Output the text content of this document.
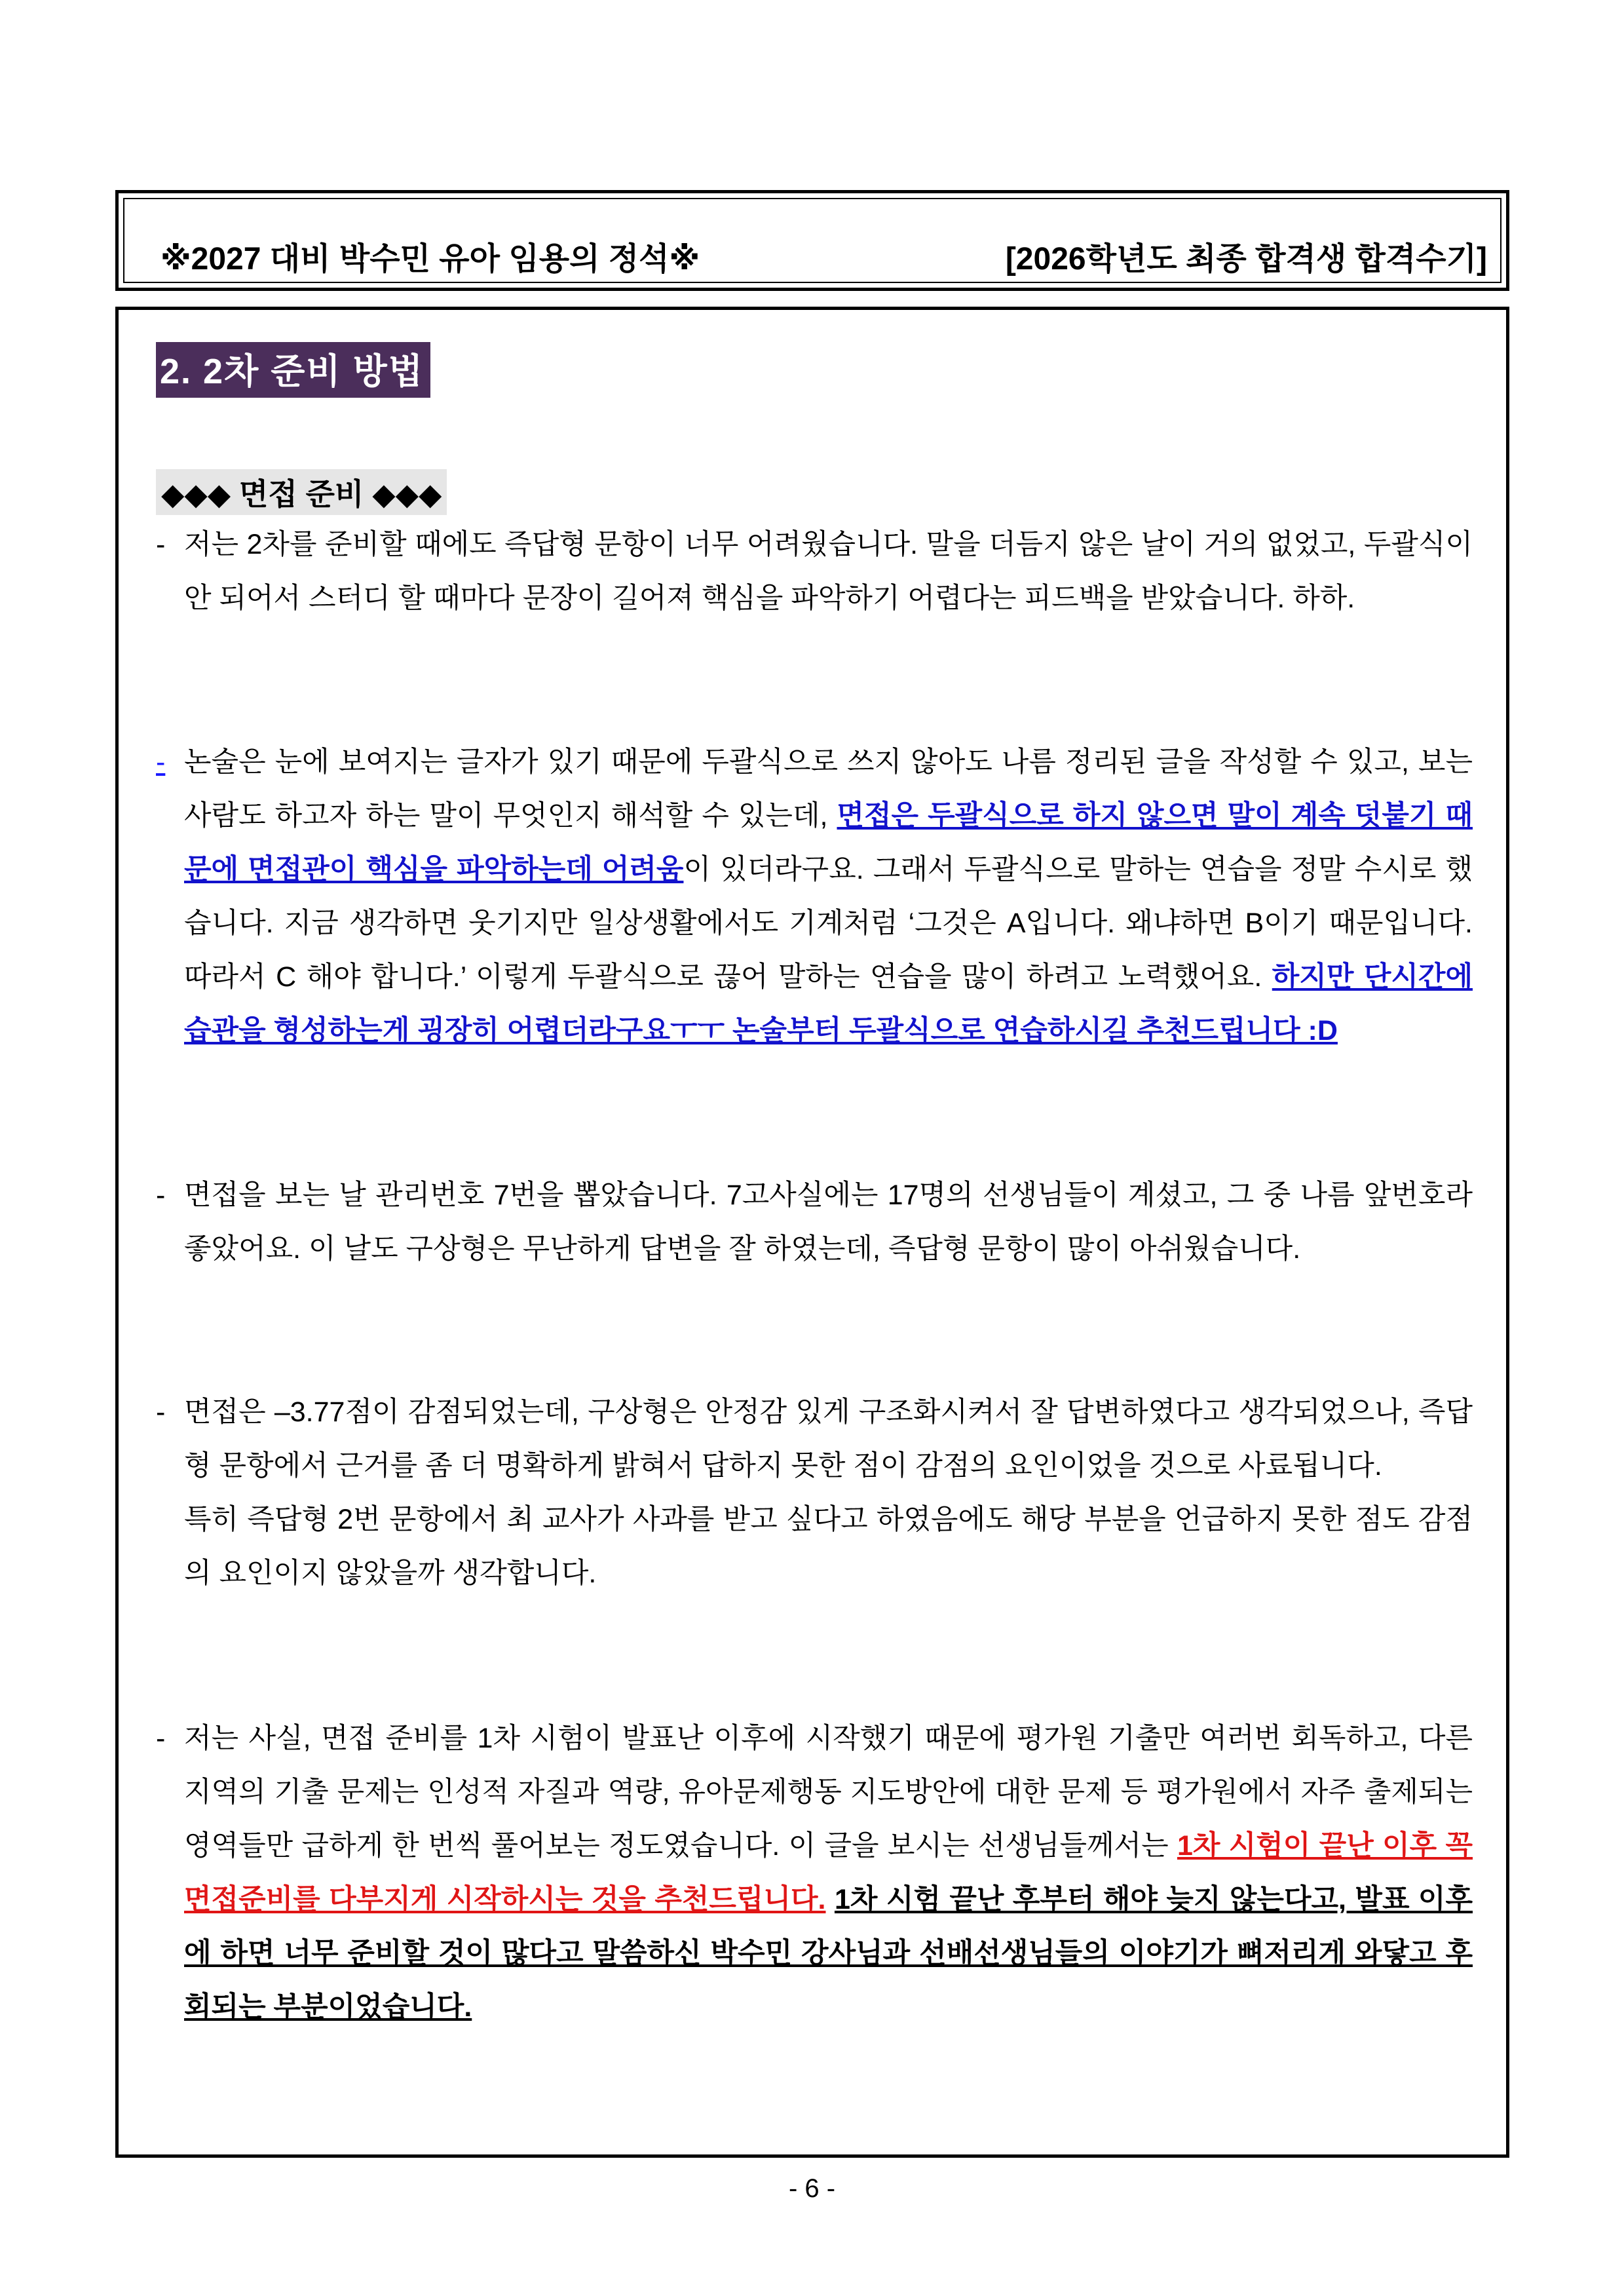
※2027 대비 박수민 유아 임용의 정석※	[2026학년도 최종 합격생 합격수기]
2. 2차 준비 방법
◆◆◆ 면접 준비 ◆◆◆
- 저는 2차를 준비할 때에도 즉답형 문항이 너무 어려웠습니다. 말을 더듬지 않은 날이 거의 없었고, 두괄식이 안 되어서 스터디 할 때마다 문장이 길어져 핵심을 파악하기 어렵다는 피드백을 받았습니다. 하하.
- 논술은 눈에 보여지는 글자가 있기 때문에 두괄식으로 쓰지 않아도 나름 정리된 글을 작성할 수 있고, 보는 사람도 하고자 하는 말이 무엇인지 해석할 수 있는데, 면접은 두괄식으로 하지 않으면 말이 계속 덧붙기 때문에 면접관이 핵심을 파악하는데 어려움이 있더라구요. 그래서 두괄식으로 말하는 연습을 정말 수시로 했습니다. 지금 생각하면 웃기지만 일상생활에서도 기계처럼 ‘그것은 A입니다. 왜냐하면 B이기 때문입니다. 따라서 C 해야 합니다.’ 이렇게 두괄식으로 끊어 말하는 연습을 많이 하려고 노력했어요. 하지만 단시간에 습관을 형성하는게 굉장히 어렵더라구요ㅜㅜ 논술부터 두괄식으로 연습하시길 추천드립니다 :D
- 면접을 보는 날 관리번호 7번을 뽑았습니다. 7고사실에는 17명의 선생님들이 계셨고, 그 중 나름 앞번호라 좋았어요. 이 날도 구상형은 무난하게 답변을 잘 하였는데, 즉답형 문항이 많이 아쉬웠습니다.
- 면접은 –3.77점이 감점되었는데, 구상형은 안정감 있게 구조화시켜서 잘 답변하였다고 생각되었으나, 즉답형 문항에서 근거를 좀 더 명확하게 밝혀서 답하지 못한 점이 감점의 요인이었을 것으로 사료됩니다.
특히 즉답형 2번 문항에서 최 교사가 사과를 받고 싶다고 하였음에도 해당 부분을 언급하지 못한 점도 감점의 요인이지 않았을까 생각합니다.
- 저는 사실, 면접 준비를 1차 시험이 발표난 이후에 시작했기 때문에 평가원 기출만 여러번 회독하고, 다른 지역의 기출 문제는 인성적 자질과 역량, 유아문제행동 지도방안에 대한 문제 등 평가원에서 자주 출제되는 영역들만 급하게 한 번씩 풀어보는 정도였습니다. 이 글을 보시는 선생님들께서는 1차 시험이 끝난 이후 꼭 면접준비를 다부지게 시작하시는 것을 추천드립니다. 1차 시험 끝난 후부터 해야 늦지 않는다고, 발표 이후에 하면 너무 준비할 것이 많다고 말씀하신 박수민 강사님과 선배선생님들의 이야기가 뼈저리게 와닿고 후회되는 부분이었습니다.
- 6 -
